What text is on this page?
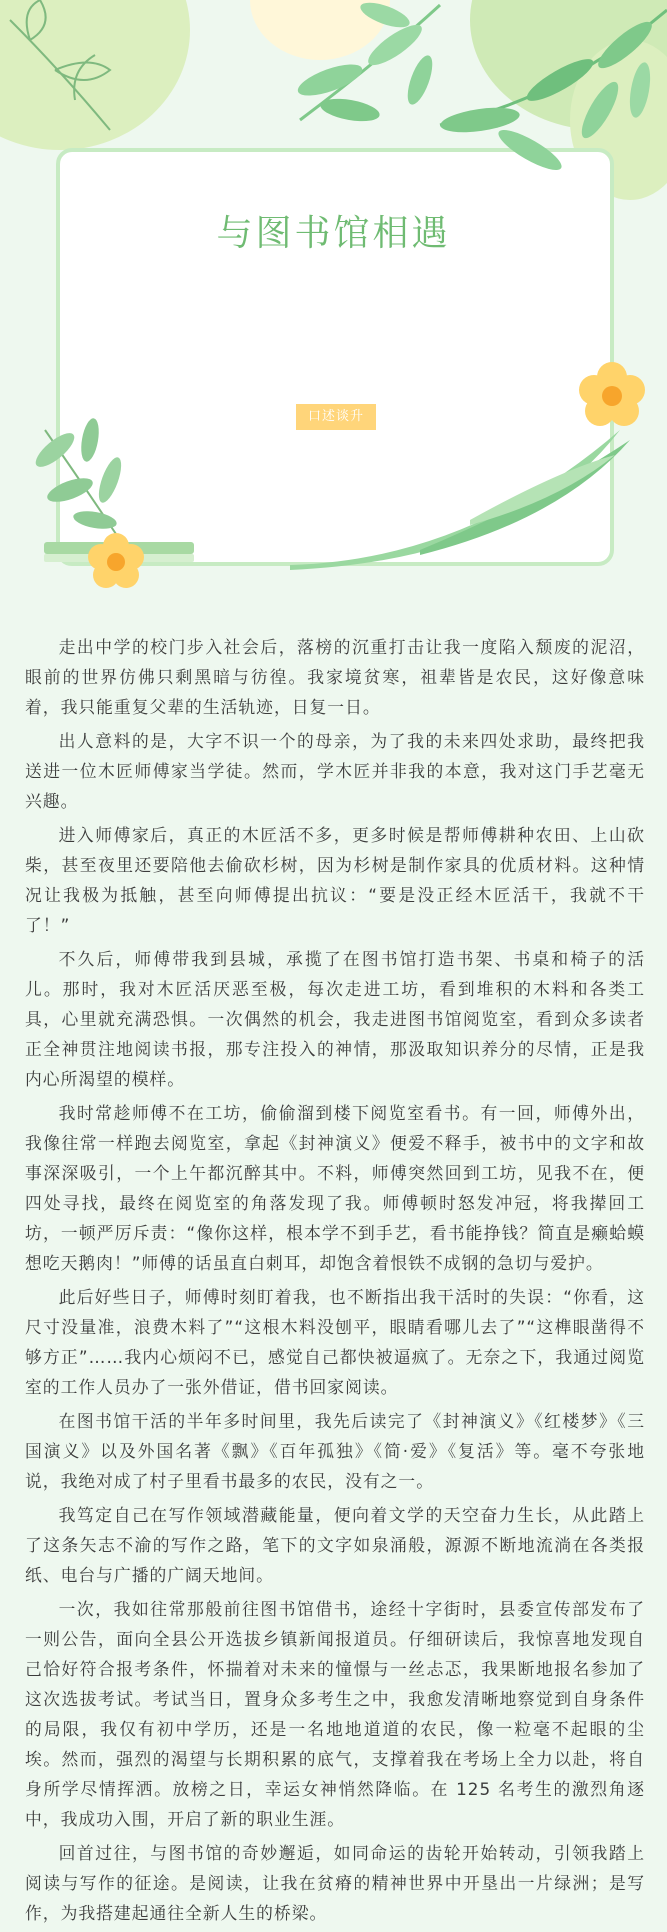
与图书馆相遇
口述谈升

走出中学的校门步入社会后，落榜的沉重打击让我一度陷入颓废的泥沼，眼前的世界仿佛只剩黑暗与彷徨。我家境贫寒，祖辈皆是农民，这好像意味着，我只能重复父辈的生活轨迹，日复一日。

出人意料的是，大字不识一个的母亲，为了我的未来四处求助，最终把我送进一位木匠师傅家当学徒。然而，学木匠并非我的本意，我对这门手艺毫无兴趣。

进入师傅家后，真正的木匠活不多，更多时候是帮师傅耕种农田、上山砍柴，甚至夜里还要陪他去偷砍杉树，因为杉树是制作家具的优质材料。这种情况让我极为抵触，甚至向师傅提出抗议：“要是没正经木匠活干，我就不干了！”

不久后，师傅带我到县城，承揽了在图书馆打造书架、书桌和椅子的活儿。那时，我对木匠活厌恶至极，每次走进工坊，看到堆积的木料和各类工具，心里就充满恐惧。一次偶然的机会，我走进图书馆阅览室，看到众多读者正全神贯注地阅读书报，那专注投入的神情，那汲取知识养分的尽情，正是我内心所渴望的模样。

我时常趁师傅不在工坊，偷偷溜到楼下阅览室看书。有一回，师傅外出，我像往常一样跑去阅览室，拿起《封神演义》便爱不释手，被书中的文字和故事深深吸引，一个上午都沉醉其中。不料，师傅突然回到工坊，见我不在，便四处寻找，最终在阅览室的角落发现了我。师傅顿时怒发冲冠，将我撵回工坊，一顿严厉斥责：“像你这样，根本学不到手艺，看书能挣钱？简直是癞蛤蟆想吃天鹅肉！”师傅的话虽直白刺耳，却饱含着恨铁不成钢的急切与爱护。

此后好些日子，师傅时刻盯着我，也不断指出我干活时的失误：“你看，这尺寸没量准，浪费木料了”“这根木料没刨平，眼睛看哪儿去了”“这榫眼凿得不够方正”……我内心烦闷不已，感觉自己都快被逼疯了。无奈之下，我通过阅览室的工作人员办了一张外借证，借书回家阅读。

在图书馆干活的半年多时间里，我先后读完了《封神演义》《红楼梦》《三国演义》以及外国名著《飘》《百年孤独》《简·爱》《复活》等。毫不夸张地说，我绝对成了村子里看书最多的农民，没有之一。

我笃定自己在写作领域潜藏能量，便向着文学的天空奋力生长，从此踏上了这条矢志不渝的写作之路，笔下的文字如泉涌般，源源不断地流淌在各类报纸、电台与广播的广阔天地间。

一次，我如往常那般前往图书馆借书，途经十字街时，县委宣传部发布了一则公告，面向全县公开选拔乡镇新闻报道员。仔细研读后，我惊喜地发现自己恰好符合报考条件，怀揣着对未来的憧憬与一丝忐忑，我果断地报名参加了这次选拔考试。考试当日，置身众多考生之中，我愈发清晰地察觉到自身条件的局限，我仅有初中学历，还是一名地地道道的农民，像一粒毫不起眼的尘埃。然而，强烈的渴望与长期积累的底气，支撑着我在考场上全力以赴，将自身所学尽情挥洒。放榜之日，幸运女神悄然降临。在 125 名考生的激烈角逐中，我成功入围，开启了新的职业生涯。

回首过往，与图书馆的奇妙邂逅，如同命运的齿轮开始转动，引领我踏上阅读与写作的征途。是阅读，让我在贫瘠的精神世界中开垦出一片绿洲；是写作，为我搭建起通往全新人生的桥梁。
